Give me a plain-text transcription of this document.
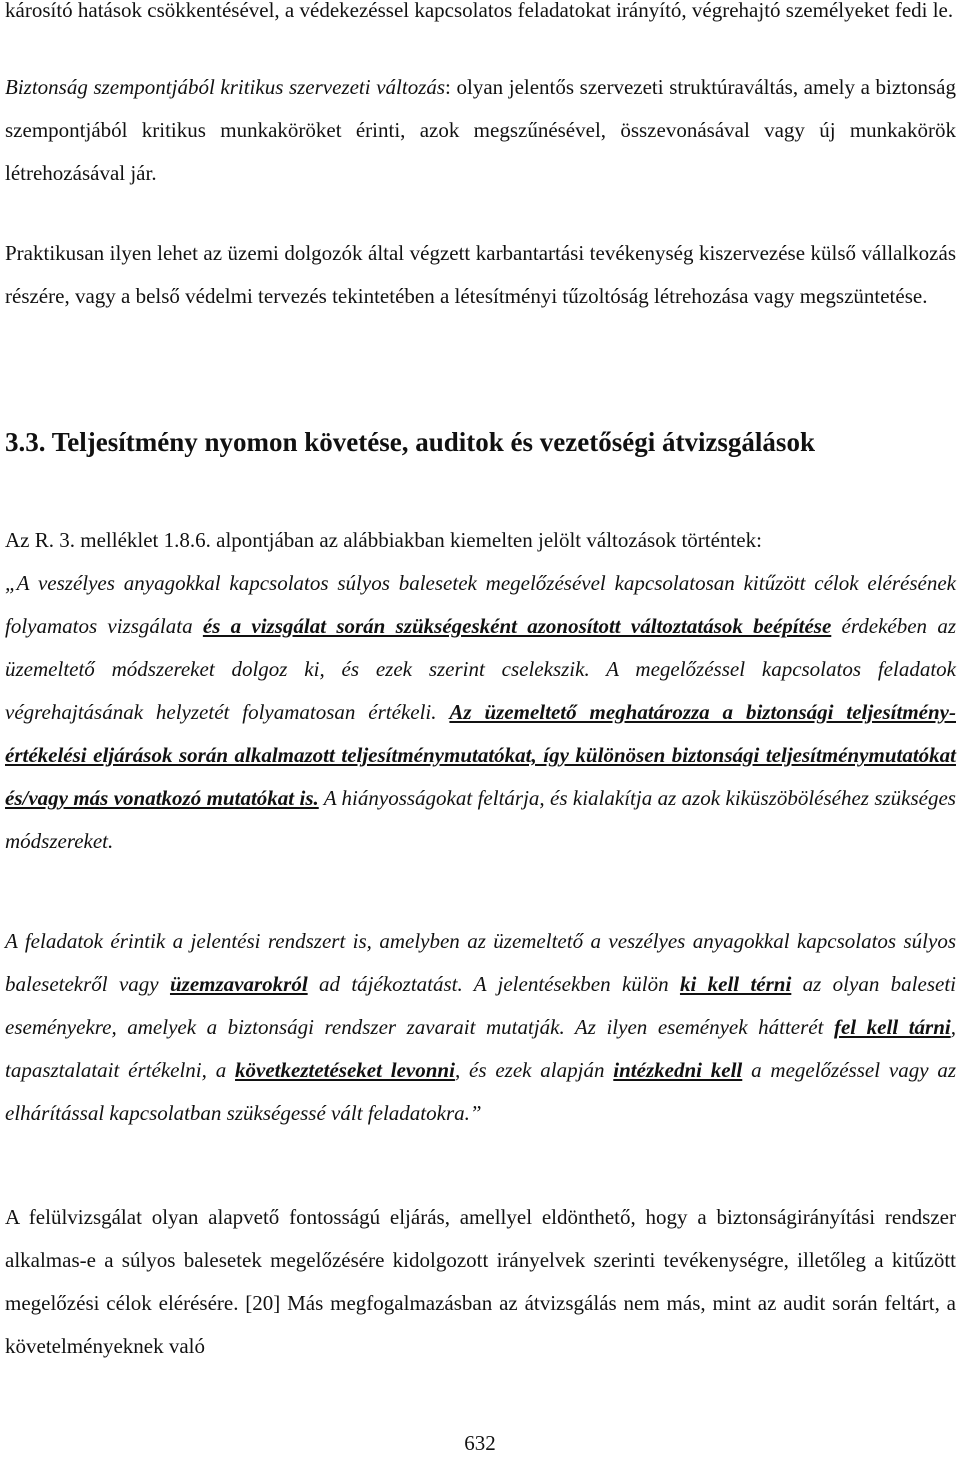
károsító hatások csökkentésével, a védekezéssel kapcsolatos feladatokat irányító, végrehajtó személyeket fedi le.

Biztonság szempontjából kritikus szervezeti változás: olyan jelentős szervezeti struktúraváltás, amely a biztonság szempontjából kritikus munkaköröket érinti, azok megszűnésével, összevonásával vagy új munkakörök létrehozásával jár.

Praktikusan ilyen lehet az üzemi dolgozók által végzett karbantartási tevékenység kiszervezése külső vállalkozás részére, vagy a belső védelmi tervezés tekintetében a létesítményi tűzoltóság létrehozása vagy megszüntetése.

3.3. Teljesítmény nyomon követése, auditok és vezetőségi átvizsgálások

Az R. 3. melléklet 1.8.6. alpontjában az alábbiakban kiemelten jelölt változások történtek:
„A veszélyes anyagokkal kapcsolatos súlyos balesetek megelőzésével kapcsolatosan kitűzött célok elérésének folyamatos vizsgálata és a vizsgálat során szükségesként azonosított változtatások beépítése érdekében az üzemeltető módszereket dolgoz ki, és ezek szerint cselekszik. A megelőzéssel kapcsolatos feladatok végrehajtásának helyzetét folyamatosan értékeli. Az üzemeltető meghatározza a biztonsági teljesítmény-értékelési eljárások során alkalmazott teljesítménymutatókat, így különösen biztonsági teljesítménymutatókat és/vagy más vonatkozó mutatókat is. A hiányosságokat feltárja, és kialakítja az azok kiküszöböléséhez szükséges módszereket.

A feladatok érintik a jelentési rendszert is, amelyben az üzemeltető a veszélyes anyagokkal kapcsolatos súlyos balesetekről vagy üzemzavarokról ad tájékoztatást. A jelentésekben külön ki kell térni az olyan baleseti eseményekre, amelyek a biztonsági rendszer zavarait mutatják. Az ilyen események hátterét fel kell tárni, tapasztalatait értékelni, a következtetéseket levonni, és ezek alapján intézkedni kell a megelőzéssel vagy az elhárítással kapcsolatban szükségessé vált feladatokra.”

A felülvizsgálat olyan alapvető fontosságú eljárás, amellyel eldönthető, hogy a biztonságirányítási rendszer alkalmas-e a súlyos balesetek megelőzésére kidolgozott irányelvek szerinti tevékenységre, illetőleg a kitűzött megelőzési célok elérésére. [20] Más megfogalmazásban az átvizsgálás nem más, mint az audit során feltárt, a követelményeknek való

632
